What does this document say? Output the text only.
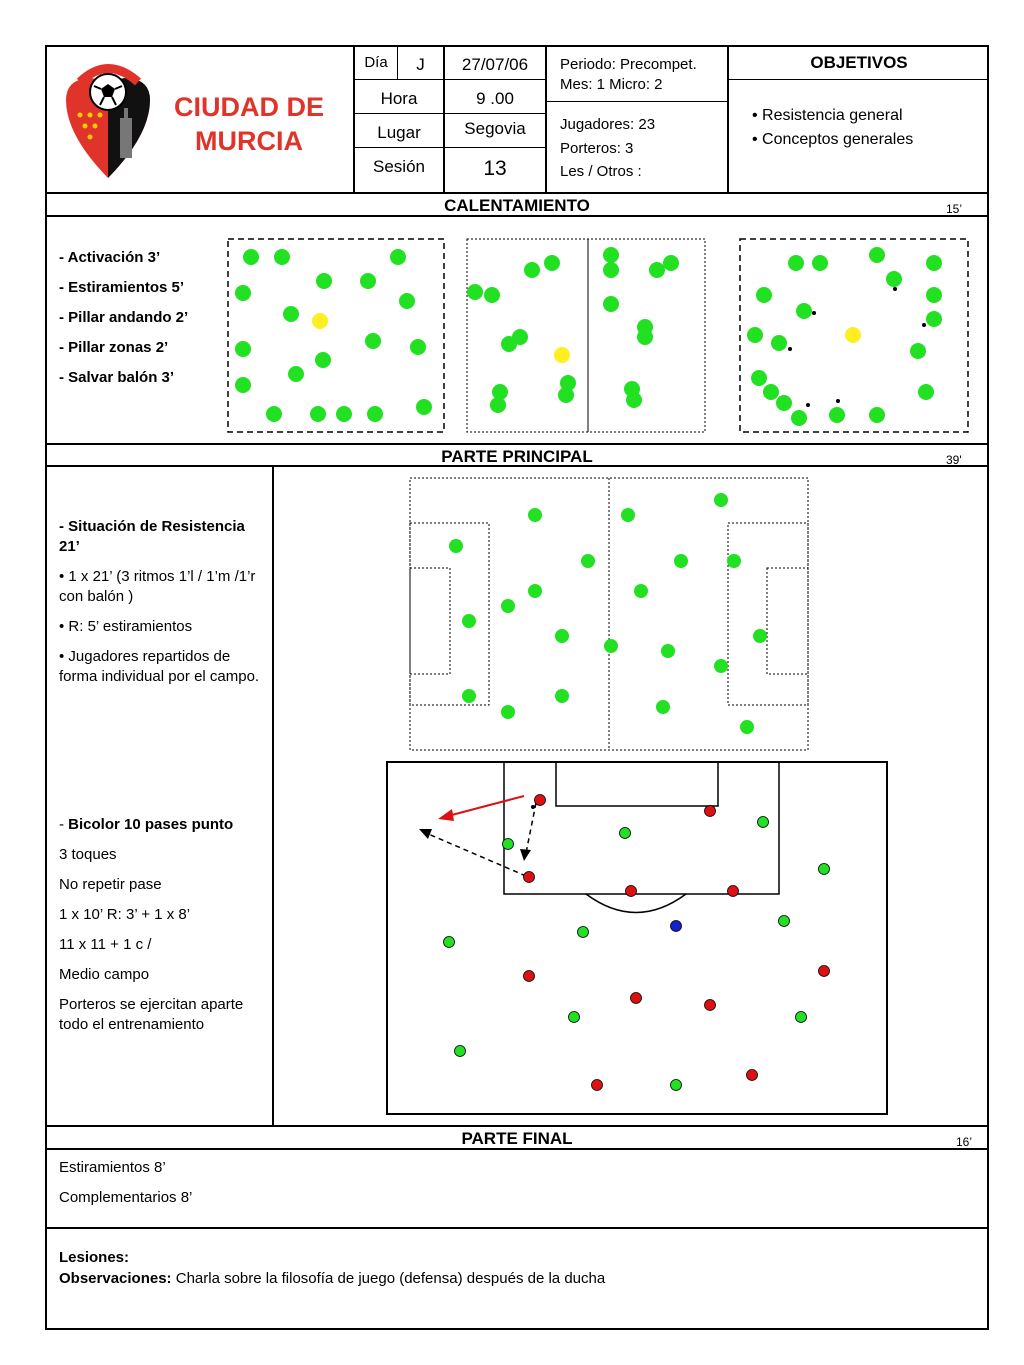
CIUDAD DE
MURCIA
Día	J	27/07/06
Hora	9 .00
Lugar	Segovia
Sesión	13
Periodo: Precompet.
Mes: 1 Micro: 2
Jugadores: 23
Porteros: 3
Les / Otros :
OBJETIVOS
• Resistencia general
• Conceptos generales
CALENTAMIENTO	15’
- Activación 3’
- Estiramientos 5’
- Pillar andando 2’
- Pillar zonas 2’
- Salvar balón 3’
PARTE PRINCIPAL	39'
- Situación de Resistencia 21’
• 1 x 21’ (3 ritmos 1’l / 1’m /1’r con balón )
• R: 5’ estiramientos
• Jugadores repartidos de forma individual por el campo.
- Bicolor 10 pases punto
3 toques
No repetir pase
1 x 10’ R: 3’ + 1 x 8’
11 x 11 + 1 c /
Medio campo
Porteros se ejercitan aparte todo el entrenamiento
PARTE FINAL	16’
Estiramientos 8’
Complementarios 8’
Lesiones:
Observaciones: Charla sobre la filosofía de juego (defensa) después de la ducha
